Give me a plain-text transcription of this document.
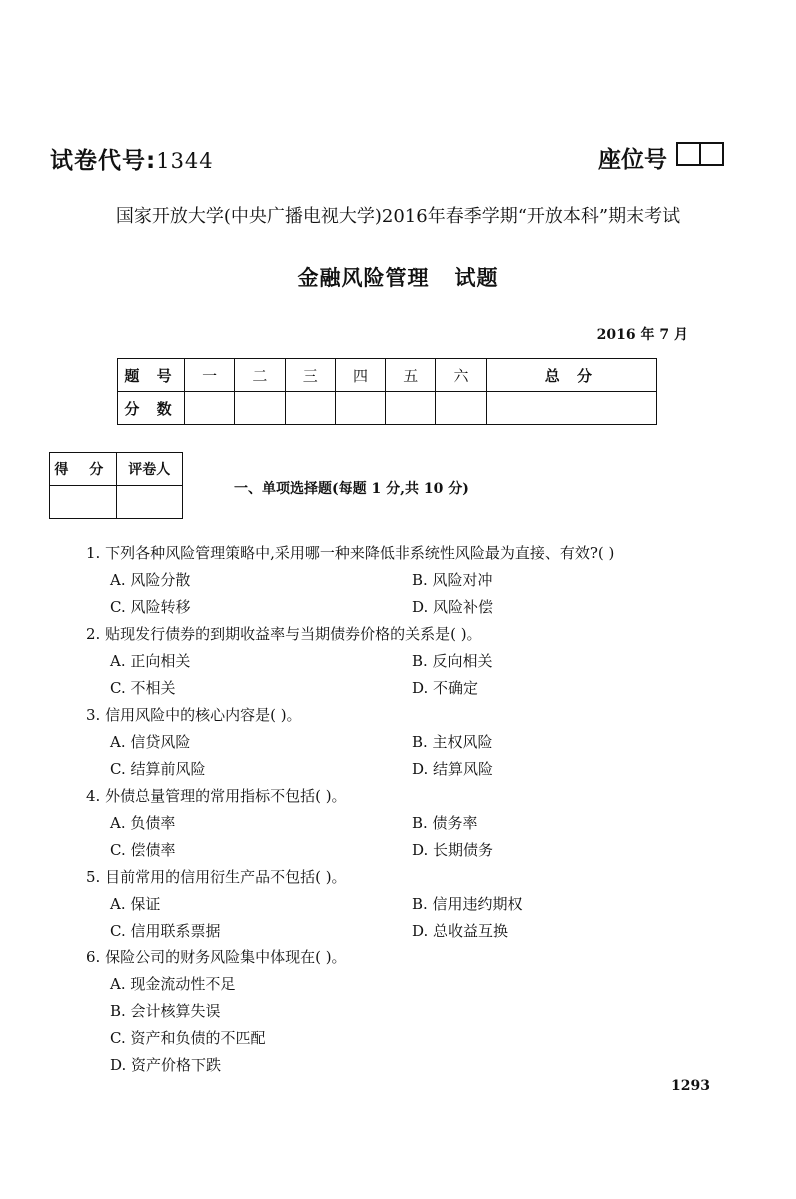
试卷代号:1344	座位号
国家开放大学(中央广播电视大学)2016年春季学期“开放本科”期末考试
金融风险管理   试题
2016 年 7 月
题 号	一	二	三	四	五	六	总 分
分 数							
得 分	评卷人

一、单项选择题(每题 1 分,共 10 分)
1. 下列各种风险管理策略中,采用哪一种来降低非系统性风险最为直接、有效?( )
A. 风险分散	B. 风险对冲
C. 风险转移	D. 风险补偿
2. 贴现发行债券的到期收益率与当期债券价格的关系是( )。
A. 正向相关	B. 反向相关
C. 不相关	D. 不确定
3. 信用风险中的核心内容是( )。
A. 信贷风险	B. 主权风险
C. 结算前风险	D. 结算风险
4. 外债总量管理的常用指标不包括( )。
A. 负债率	B. 债务率
C. 偿债率	D. 长期债务
5. 目前常用的信用衍生产品不包括( )。
A. 保证	B. 信用违约期权
C. 信用联系票据	D. 总收益互换
6. 保险公司的财务风险集中体现在( )。
A. 现金流动性不足
B. 会计核算失误
C. 资产和负债的不匹配
D. 资产价格下跌
1293
